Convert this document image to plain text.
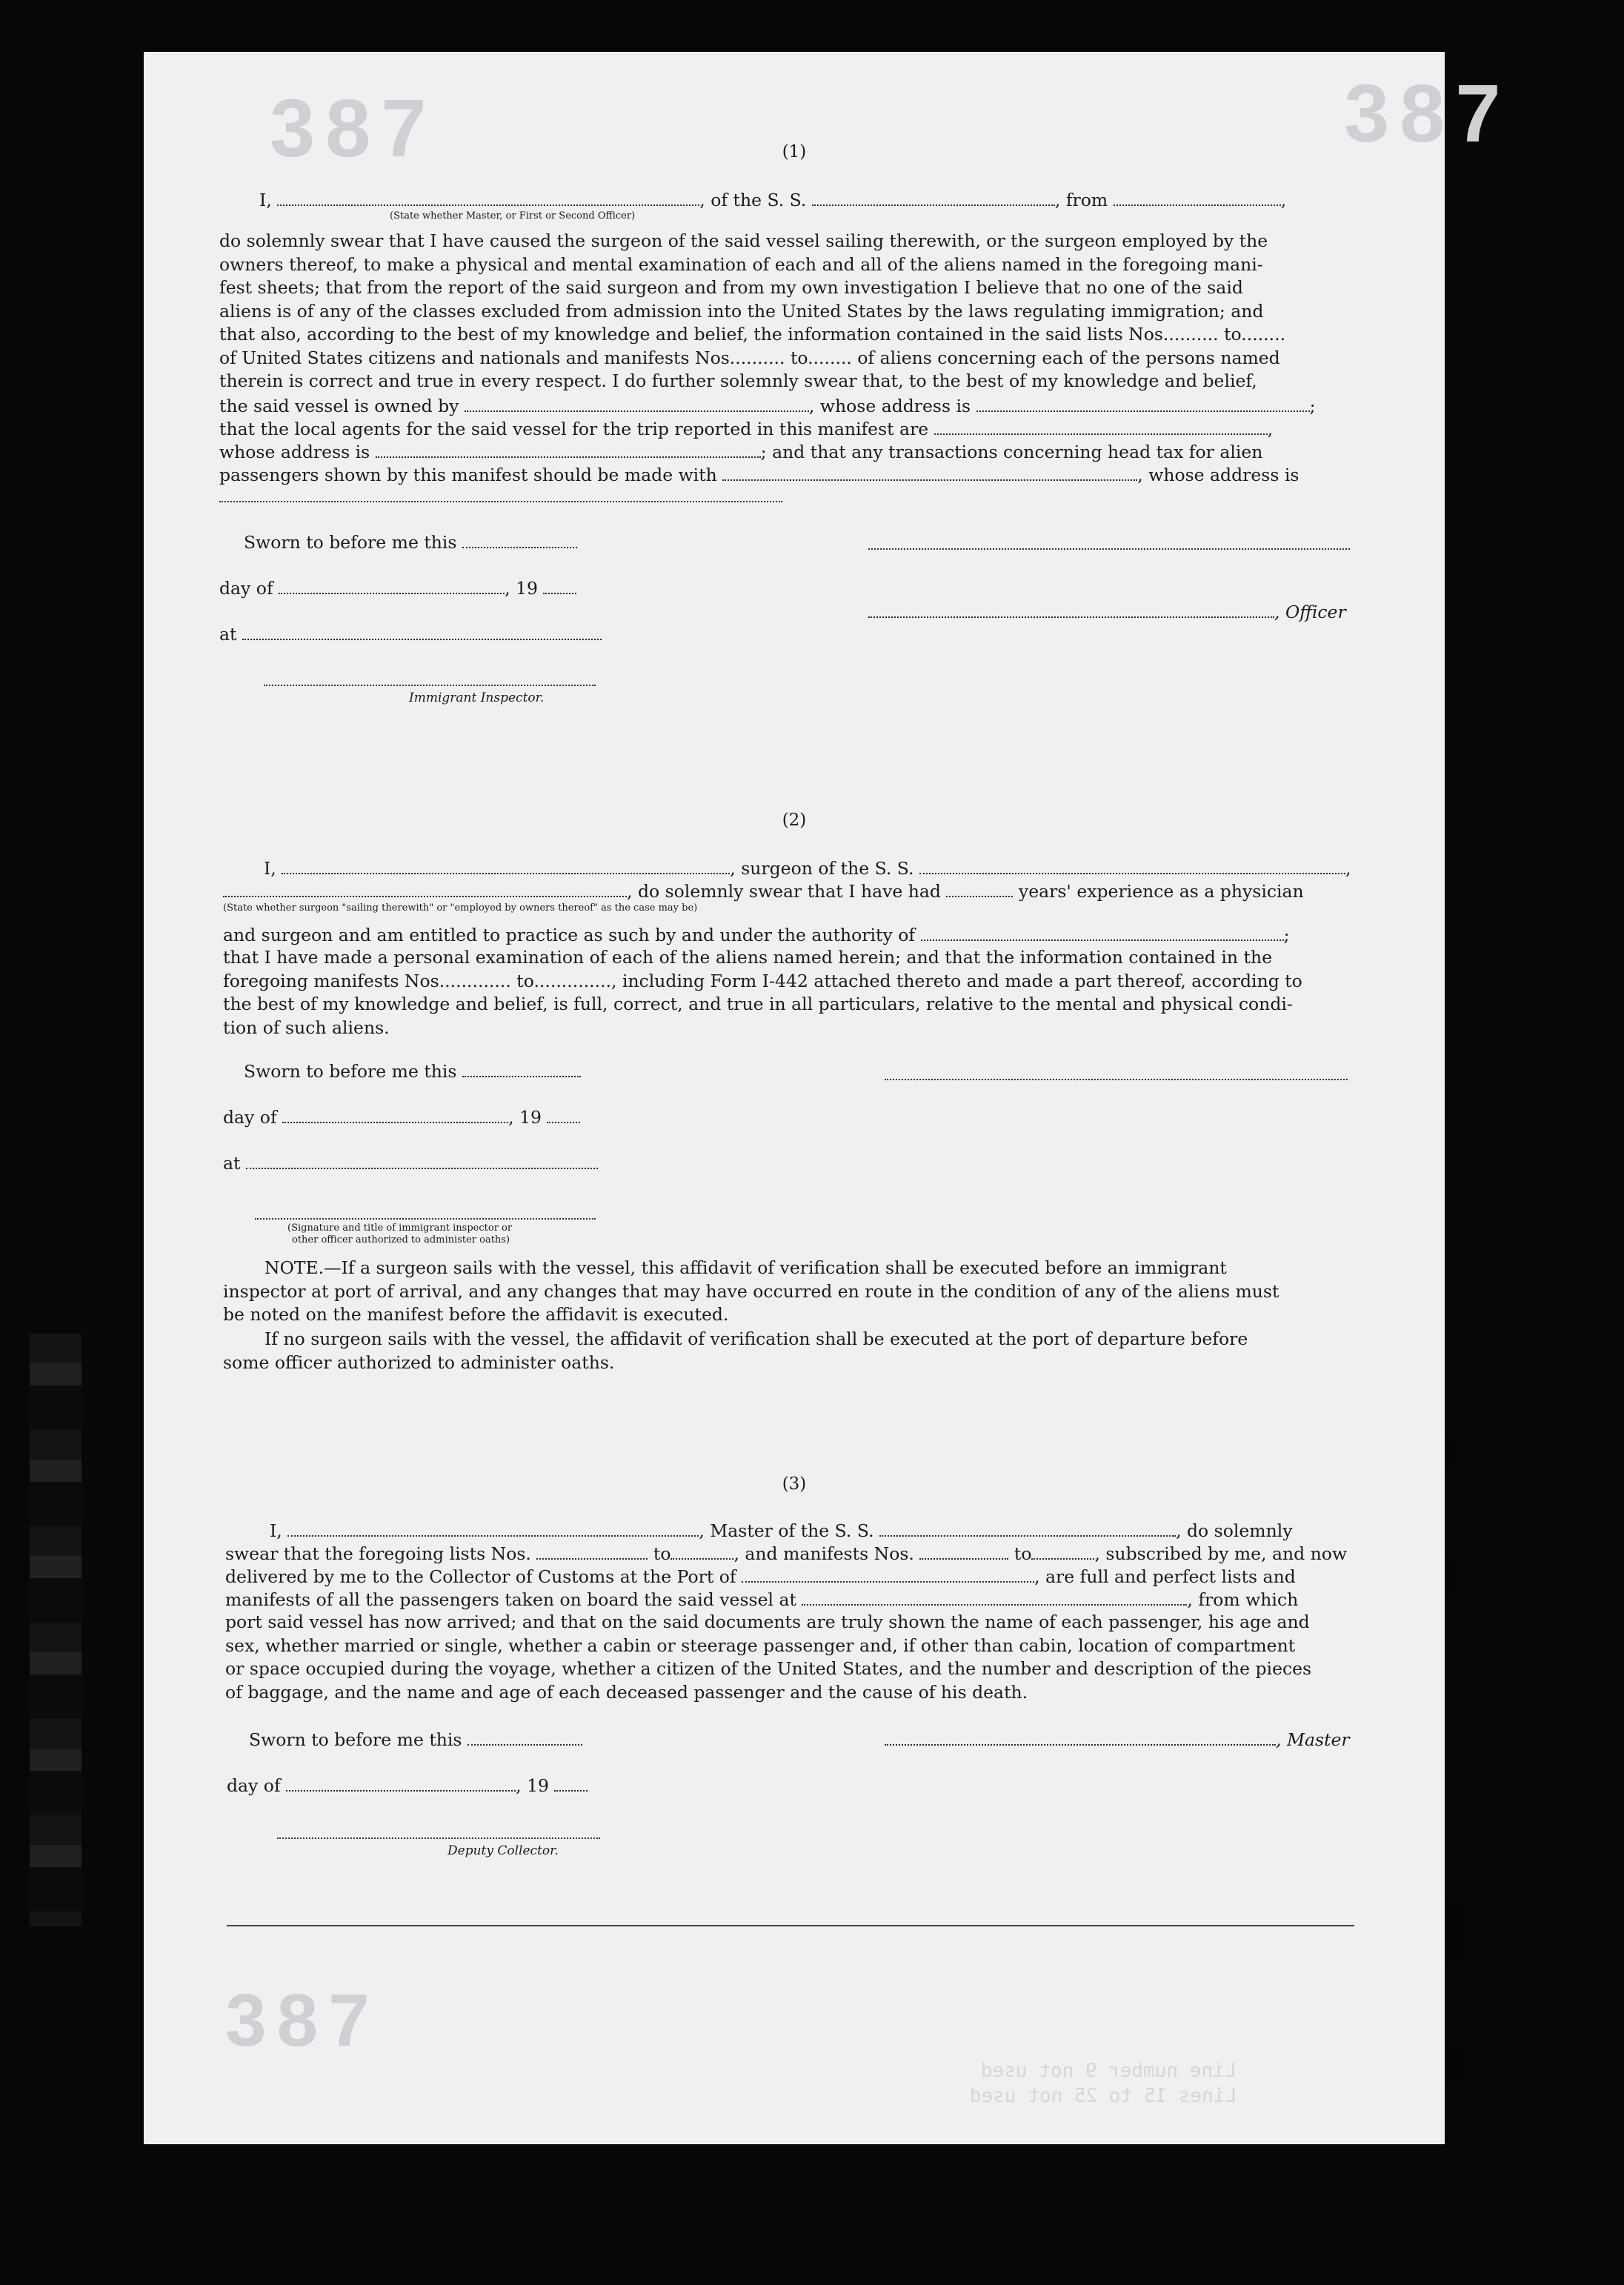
387	387
387
Line number 9 not used
Lines 15 to 25 not used
(1)
I,	, of the S. S.	, from	,
(State whether Master, or First or Second Officer)
do solemnly swear that I have caused the surgeon of the said vessel sailing therewith, or the surgeon employed by the
owners thereof, to make a physical and mental examination of each and all of the aliens named in the foregoing mani-
fest sheets; that from the report of the said surgeon and from my own investigation I believe that no one of the said
aliens is of any of the classes excluded from admission into the United States by the laws regulating immigration; and
that also, according to the best of my knowledge and belief, the information contained in the said lists Nos.......... to........
of United States citizens and nationals and manifests Nos.......... to........ of aliens concerning each of the persons named
therein is correct and true in every respect. I do further solemnly swear that, to the best of my knowledge and belief,
the said vessel is owned by	, whose address is	;
that the local agents for the said vessel for the trip reported in this manifest are	,
whose address is	; and that any transactions concerning head tax for alien
passengers shown by this manifest should be made with	, whose address is
Sworn to before me this
day of	, 19
, Officer
at
Immigrant Inspector.
(2)
I,	, surgeon of the S. S.	,
, do solemnly swear that I have had	years' experience as a physician
(State whether surgeon "sailing therewith" or "employed by owners thereof" as the case may be)
and surgeon and am entitled to practice as such by and under the authority of	;
that I have made a personal examination of each of the aliens named herein; and that the information contained in the
foregoing manifests Nos............. to.............., including Form I-442 attached thereto and made a part thereof, according to
the best of my knowledge and belief, is full, correct, and true in all particulars, relative to the mental and physical condi-
tion of such aliens.
Sworn to before me this
day of	, 19
at
(Signature and title of immigrant inspector or
other officer authorized to administer oaths)
NOTE.—If a surgeon sails with the vessel, this affidavit of verification shall be executed before an immigrant
inspector at port of arrival, and any changes that may have occurred en route in the condition of any of the aliens must
be noted on the manifest before the affidavit is executed.
If no surgeon sails with the vessel, the affidavit of verification shall be executed at the port of departure before
some officer authorized to administer oaths.
(3)
I,	, Master of the S. S.	, do solemnly
swear that the foregoing lists Nos.	to	, and manifests Nos.	to	, subscribed by me, and now
delivered by me to the Collector of Customs at the Port of	, are full and perfect lists and
manifests of all the passengers taken on board the said vessel at	, from which
port said vessel has now arrived; and that on the said documents are truly shown the name of each passenger, his age and
sex, whether married or single, whether a cabin or steerage passenger and, if other than cabin, location of compartment
or space occupied during the voyage, whether a citizen of the United States, and the number and description of the pieces
of baggage, and the name and age of each deceased passenger and the cause of his death.
Sworn to before me this	, Master
day of	, 19
Deputy Collector.
